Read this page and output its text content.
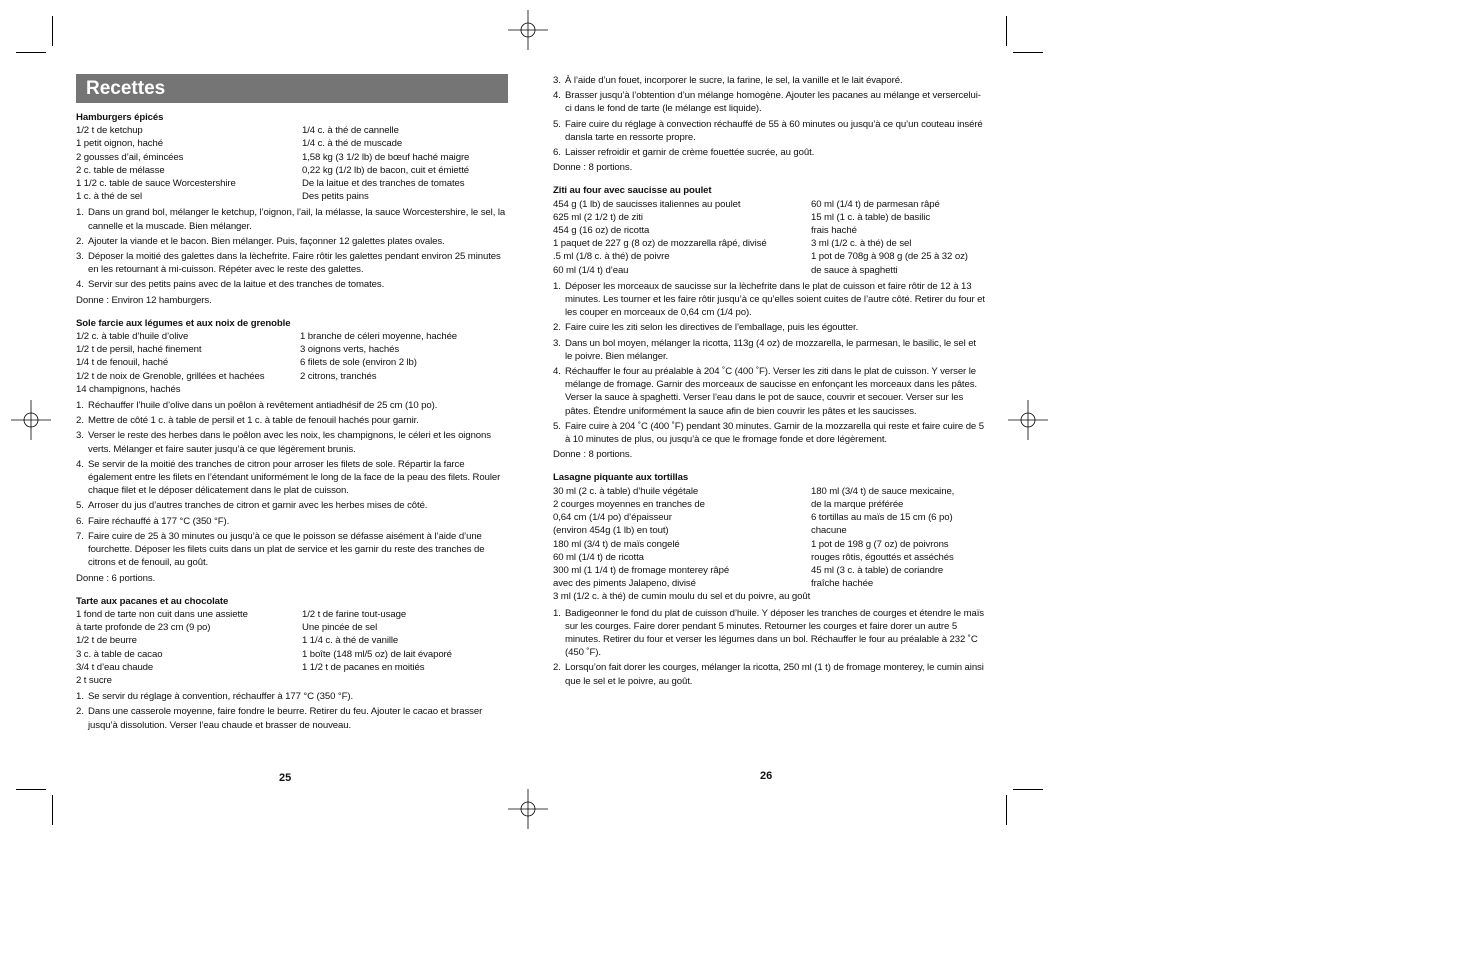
Recettes

Hamburgers épicés

1/2 t de ketchup	1/4 c. à thé de cannelle
1 petit oignon, haché	1/4 c. à thé de muscade
2 gousses d’ail, émincées	1,58 kg (3 1/2 lb) de bœuf haché maigre
2 c. table de mélasse	0,22 kg (1/2 lb) de bacon, cuit et émietté
1 1/2 c. table de sauce Worcestershire	De la laitue et des tranches de tomates
1 c. à thé de sel	Des petits pains
1. Dans un grand bol, mélanger le ketchup, l’oignon, l’ail, la mélasse, la sauce Worcestershire, le sel, la cannelle et la muscade. Bien mélanger.
2. Ajouter la viande et le bacon. Bien mélanger. Puis, façonner 12 galettes plates ovales.
3. Déposer la moitié des galettes dans la lèchefrite. Faire rôtir les galettes pendant environ 25 minutes en les retournant à mi-cuisson. Répéter avec le reste des galettes.
4. Servir sur des petits pains avec de la laitue et des tranches de tomates.

Donne : Environ 12 hamburgers.

Sole farcie aux légumes et aux noix de grenoble

1/2 c. à table d’huile d’olive	1 branche de céleri moyenne, hachée
1/2 t de persil, haché finement	3 oignons verts, hachés
1/4 t de fenouil, haché	6 filets de sole (environ 2 lb)
1/2 t de noix de Grenoble, grillées et hachées	2 citrons, tranchés
14 champignons, hachés
1. Réchauffer l’huile d’olive dans un poêlon à revêtement antiadhésif de 25 cm (10 po).
2. Mettre de côté 1 c. à table de persil et 1 c. à table de fenouil hachés pour garnir.
3. Verser le reste des herbes dans le poêlon avec les noix, les champignons, le céleri et les oignons verts. Mélanger et faire sauter jusqu’à ce que légèrement brunis.
4. Se servir de la moitié des tranches de citron pour arroser les filets de sole. Répartir la farce également entre les filets en l’étendant uniformément le long de la face de la peau des filets. Rouler chaque filet et le déposer délicatement dans le plat de cuisson.
5. Arroser du jus d’autres tranches de citron et garnir avec les herbes mises de côté.
6. Faire réchauffé à 177 °C (350 °F).
7. Faire cuire de 25 à 30 minutes ou jusqu’à ce que le poisson se défasse aisément à l’aide d’une fourchette. Déposer les filets cuits dans un plat de service et les garnir du reste des tranches de citrons et de fenouil, au goût.

Donne : 6 portions.

Tarte aux pacanes et au chocolate

1 fond de tarte non cuit dans une assiette	1/2 t de farine tout-usage
à tarte profonde de 23 cm (9 po)	Une pincée de sel
1/2 t de beurre	1 1/4 c. à thé de vanille
3 c. à table de cacao	1 boîte (148 ml/5 oz) de lait évaporé
3/4 t d’eau chaude	1 1/2 t de pacanes en moitiés
2 t sucre
1. Se servir du réglage à convention, réchauffer à 177 °C (350 °F).
2. Dans une casserole moyenne, faire fondre le beurre. Retirer du feu. Ajouter le cacao et brasser jusqu’à dissolution. Verser l’eau chaude et brasser de nouveau.
25
3. À l’aide d’un fouet, incorporer le sucre, la farine, le sel, la vanille et le lait évaporé.
4. Brasser jusqu’à l’obtention d’un mélange homogène. Ajouter les pacanes au mélange et versercelui-ci dans le fond de tarte (le mélange est liquide).
5. Faire cuire du réglage à convection réchauffé de 55 à 60 minutes ou jusqu’à ce qu’un couteau inséré dansla tarte en ressorte propre.
6. Laisser refroidir et garnir de crème fouettée sucrée, au goût.

Donne : 8 portions.

Ziti au four avec saucisse au poulet

454 g (1 lb) de saucisses italiennes au poulet	60 ml (1/4 t) de parmesan râpé
625 ml (2 1/2 t) de ziti	15 ml (1 c. à table) de basilic
454 g (16 oz) de ricotta	frais haché
1 paquet de 227 g (8 oz) de mozzarella râpé, divisé	3 ml (1/2 c. à thé) de sel
.5 ml (1/8 c. à thé) de poivre	1 pot de 708g à 908 g (de 25 à 32 oz)
60 ml (1/4 t) d’eau	de sauce à spaghetti
1. Déposer les morceaux de saucisse sur la lèchefrite dans le plat de cuisson et faire rôtir de 12 à 13 minutes. Les tourner et les faire rôtir jusqu’à ce qu’elles soient cuites de l’autre côté. Retirer du four et les couper en morceaux de 0,64 cm (1/4 po).
2. Faire cuire les ziti selon les directives de l’emballage, puis les égoutter.
3. Dans un bol moyen, mélanger la ricotta, 113g (4 oz) de mozzarella, le parmesan, le basilic, le sel et le poivre. Bien mélanger.
4. Réchauffer le four au préalable à 204 ˚C (400 ˚F). Verser les ziti dans le plat de cuisson. Y verser le mélange de fromage. Garnir des morceaux de saucisse en enfonçant les morceaux dans les pâtes. Verser la sauce à spaghetti. Verser l’eau dans le pot de sauce, couvrir et secouer. Verser sur les pâtes. Étendre uniformément la sauce afin de bien couvrir les pâtes et les saucisses.
5. Faire cuire à 204 ˚C (400 ˚F) pendant 30 minutes. Garnir de la mozzarella qui reste et faire cuire de 5 à 10 minutes de plus, ou jusqu’à ce que le fromage fonde et dore légèrement.

Donne : 8 portions.

Lasagne piquante aux tortillas

30 ml (2 c. à table) d’huile végétale	180 ml (3/4 t) de sauce mexicaine,
2 courges moyennes en tranches de	de la marque préférée
0,64 cm (1/4 po) d’épaisseur	6 tortillas au maïs de 15 cm (6 po)
(environ 454g (1 lb) en tout)	chacune
180 ml (3/4 t) de maïs congelé	1 pot de 198 g (7 oz) de poivrons
60 ml (1/4 t) de ricotta	rouges rôtis, égouttés et asséchés
300 ml (1 1/4 t) de fromage monterey râpé	45 ml (3 c. à table) de coriandre
avec des piments Jalapeno, divisé	fraîche hachée

3 ml (1/2 c. à thé) de cumin moulu du sel et du poivre, au goût

1. Badigeonner le fond du plat de cuisson d’huile. Y déposer les tranches de courges et étendre le maïs sur les courges. Faire dorer pendant 5 minutes. Retourner les courges et faire dorer un autre 5 minutes. Retirer du four et verser les légumes dans un bol. Réchauffer le four au préalable à 232 ˚C (450 ˚F).
2. Lorsqu’on fait dorer les courges, mélanger la ricotta, 250 ml (1 t) de fromage monterey, le cumin ainsi que le sel et le poivre, au goût.
26
